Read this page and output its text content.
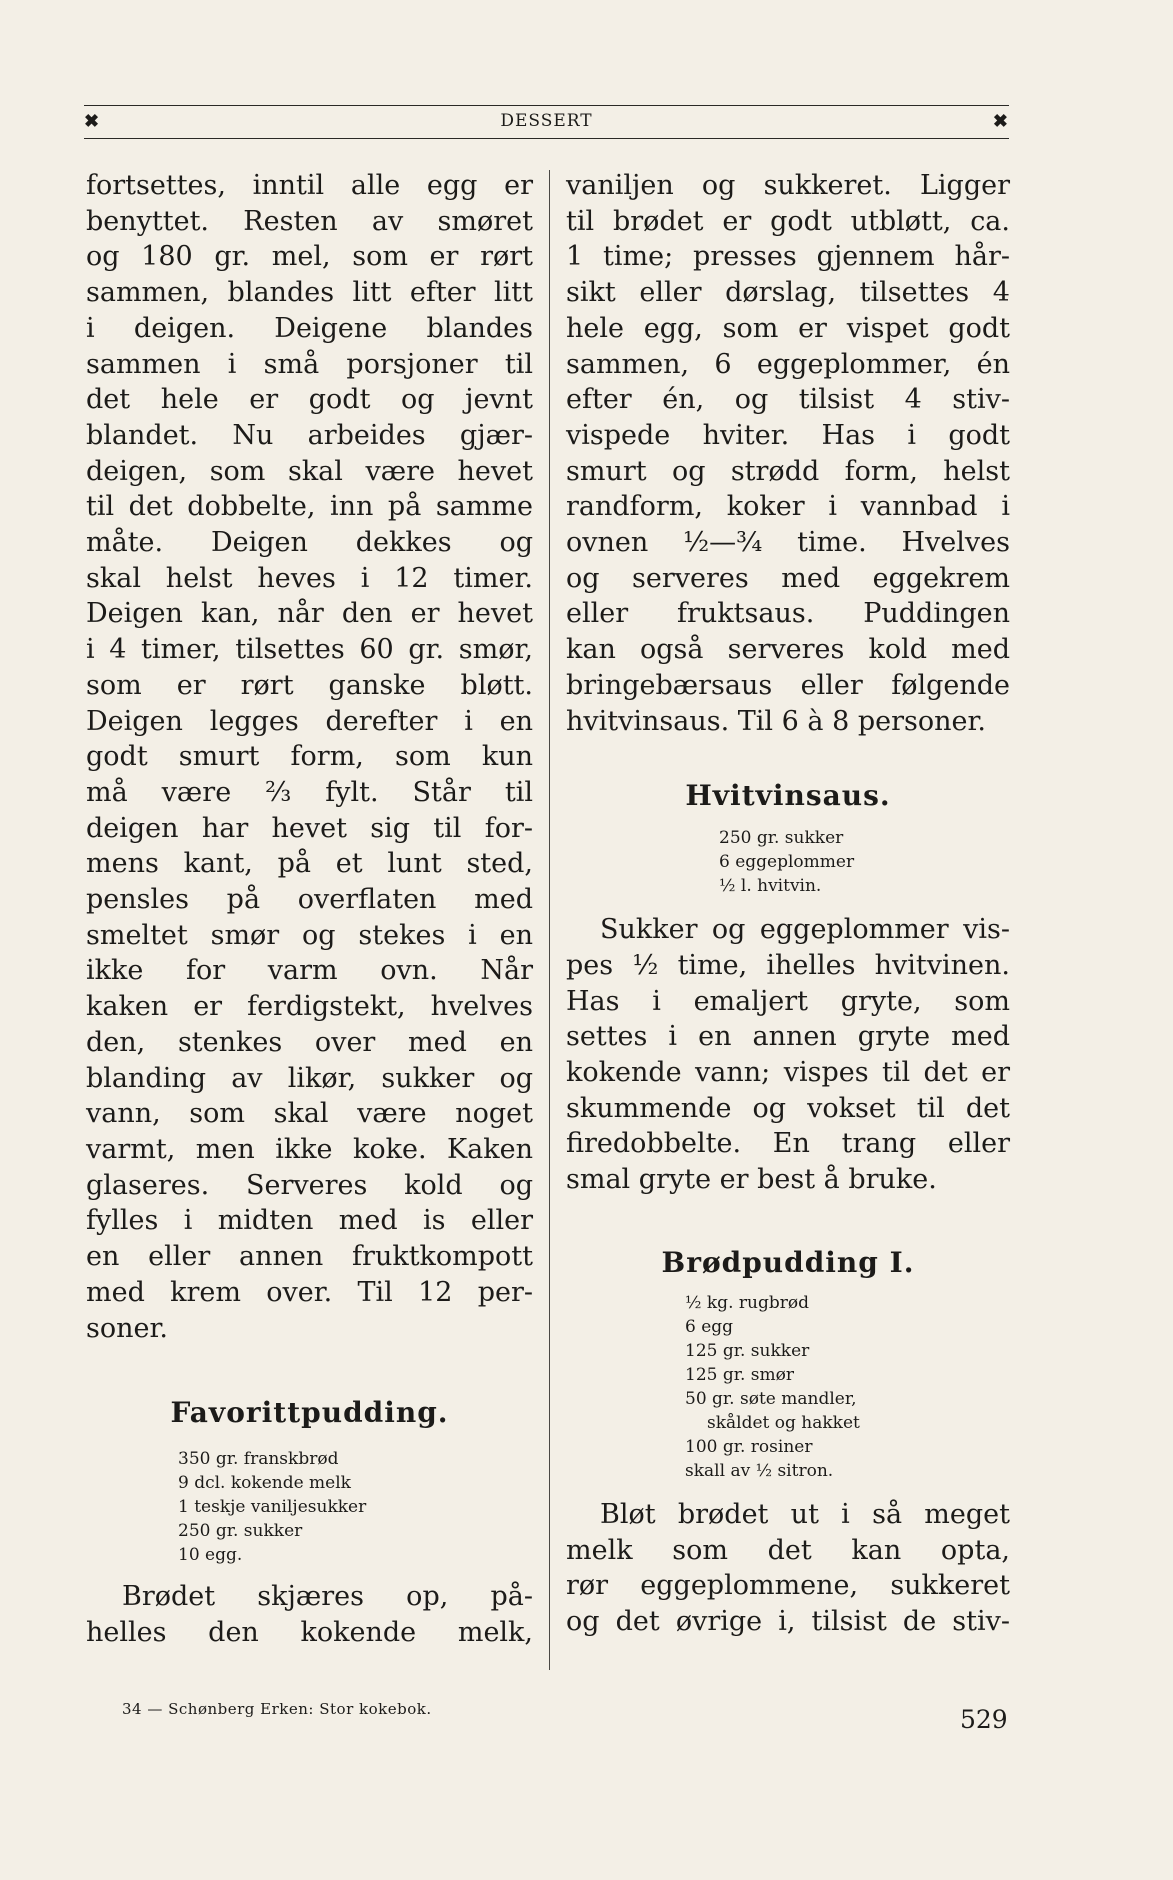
✖	DESSERT	✖

fortsettes, inntil alle egg er
benyttet. Resten av smøret
og 180 gr. mel, som er rørt
sammen, blandes litt efter litt
i deigen. Deigene blandes
sammen i små porsjoner til
det hele er godt og jevnt
blandet. Nu arbeides gjær-
deigen, som skal være hevet
til det dobbelte, inn på samme
måte. Deigen dekkes og
skal helst heves i 12 timer.
Deigen kan, når den er hevet
i 4 timer, tilsettes 60 gr. smør,
som er rørt ganske bløtt.
Deigen legges derefter i en
godt smurt form, som kun
må være ⅔ fylt. Står til
deigen har hevet sig til for-
mens kant, på et lunt sted,
pensles på overflaten med
smeltet smør og stekes i en
ikke for varm ovn. Når
kaken er ferdigstekt, hvelves
den, stenkes over med en
blanding av likør, sukker og
vann, som skal være noget
varmt, men ikke koke. Kaken
glaseres. Serveres kold og
fylles i midten med is eller
en eller annen fruktkompott
med krem over. Til 12 per-
soner.

Favorittpudding.
350 gr. franskbrød
9 dcl. kokende melk
1 teskje vaniljesukker
250 gr. sukker
10 egg.

Brødet skjæres op, på-
helles den kokende melk,

vaniljen og sukkeret. Ligger
til brødet er godt utbløtt, ca.
1 time; presses gjennem hår-
sikt eller dørslag, tilsettes 4
hele egg, som er vispet godt
sammen, 6 eggeplommer, én
efter én, og tilsist 4 stiv-
vispede hviter. Has i godt
smurt og strødd form, helst
randform, koker i vannbad i
ovnen ½—¾ time. Hvelves
og serveres med eggekrem
eller fruktsaus. Puddingen
kan også serveres kold med
bringebærsaus eller følgende
hvitvinsaus. Til 6 à 8 personer.

Hvitvinsaus.
250 gr. sukker
6 eggeplommer
½ l. hvitvin.

Sukker og eggeplommer vis-
pes ½ time, ihelles hvitvinen.
Has i emaljert gryte, som
settes i en annen gryte med
kokende vann; vispes til det er
skummende og vokset til det
firedobbelte. En trang eller
smal gryte er best å bruke.

Brødpudding I.
½ kg. rugbrød
6 egg
125 gr. sukker
125 gr. smør
50 gr. søte mandler,
skåldet og hakket
100 gr. rosiner
skall av ½ sitron.

Bløt brødet ut i så meget
melk som det kan opta,
rør eggeplommene, sukkeret
og det øvrige i, tilsist de stiv-

34 — Schønberg Erken: Stor kokebok.	529
